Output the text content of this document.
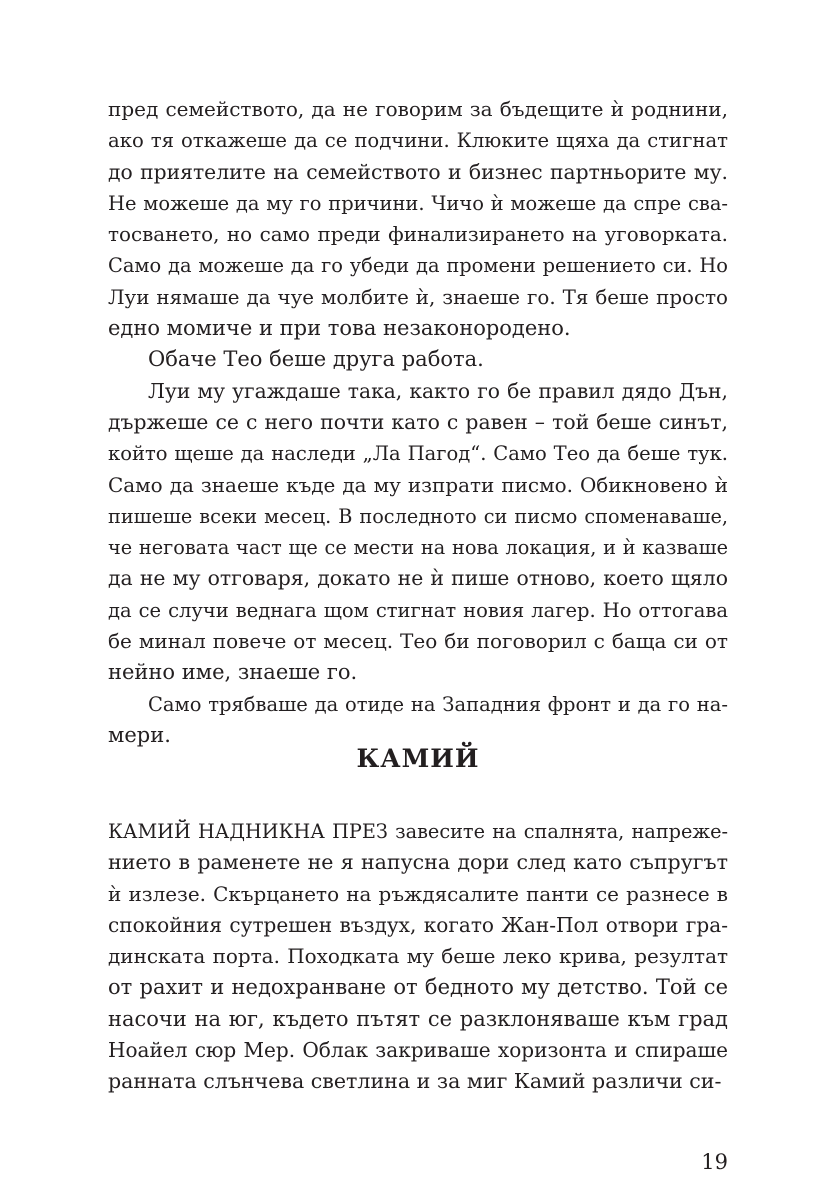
пред семейството, да не говорим за бъдещите ѝ роднини,
ако тя откажеше да се подчини. Клюките щяха да стигнат
до приятелите на семейството и бизнес партньорите му.
Не можеше да му го причини. Чичо ѝ можеше да спре сва-
тосването, но само преди финализирането на уговорката.
Само да можеше да го убеди да промени решението си. Но
Луи нямаше да чуе молбите ѝ, знаеше го. Тя беше просто
едно момиче и при това незаконородено.
Обаче Тео беше друга работа.
Луи му угаждаше така, както го бе правил дядо Дън,
държеше се с него почти като с равен – той беше синът,
който щеше да наследи „Ла Пагод“. Само Тео да беше тук.
Само да знаеше къде да му изпрати писмо. Обикновено ѝ
пишеше всеки месец. В последното си писмо споменаваше,
че неговата част ще се мести на нова локация, и ѝ казваше
да не му отговаря, докато не ѝ пише отново, което щяло
да се случи веднага щом стигнат новия лагер. Но оттогава
бе минал повече от месец. Тео би поговорил с баща си от
нейно име, знаеше го.
Само трябваше да отиде на Западния фронт и да го на-
мери.
КАМИЙ
КАМИЙ НАДНИКНА ПРЕЗ завесите на спалнята, напреже-
нието в раменете не я напусна дори след като съпругът
ѝ излезе. Скърцането на ръждясалите панти се разнесе в
спокойния сутрешен въздух, когато Жан-Пол отвори гра-
динската порта. Походката му беше леко крива, резултат
от рахит и недохранване от бедното му детство. Той се
насочи на юг, където пътят се разклоняваше към град
Ноайел сюр Мер. Облак закриваше хоризонта и спираше
ранната слънчева светлина и за миг Камий различи си-
19
